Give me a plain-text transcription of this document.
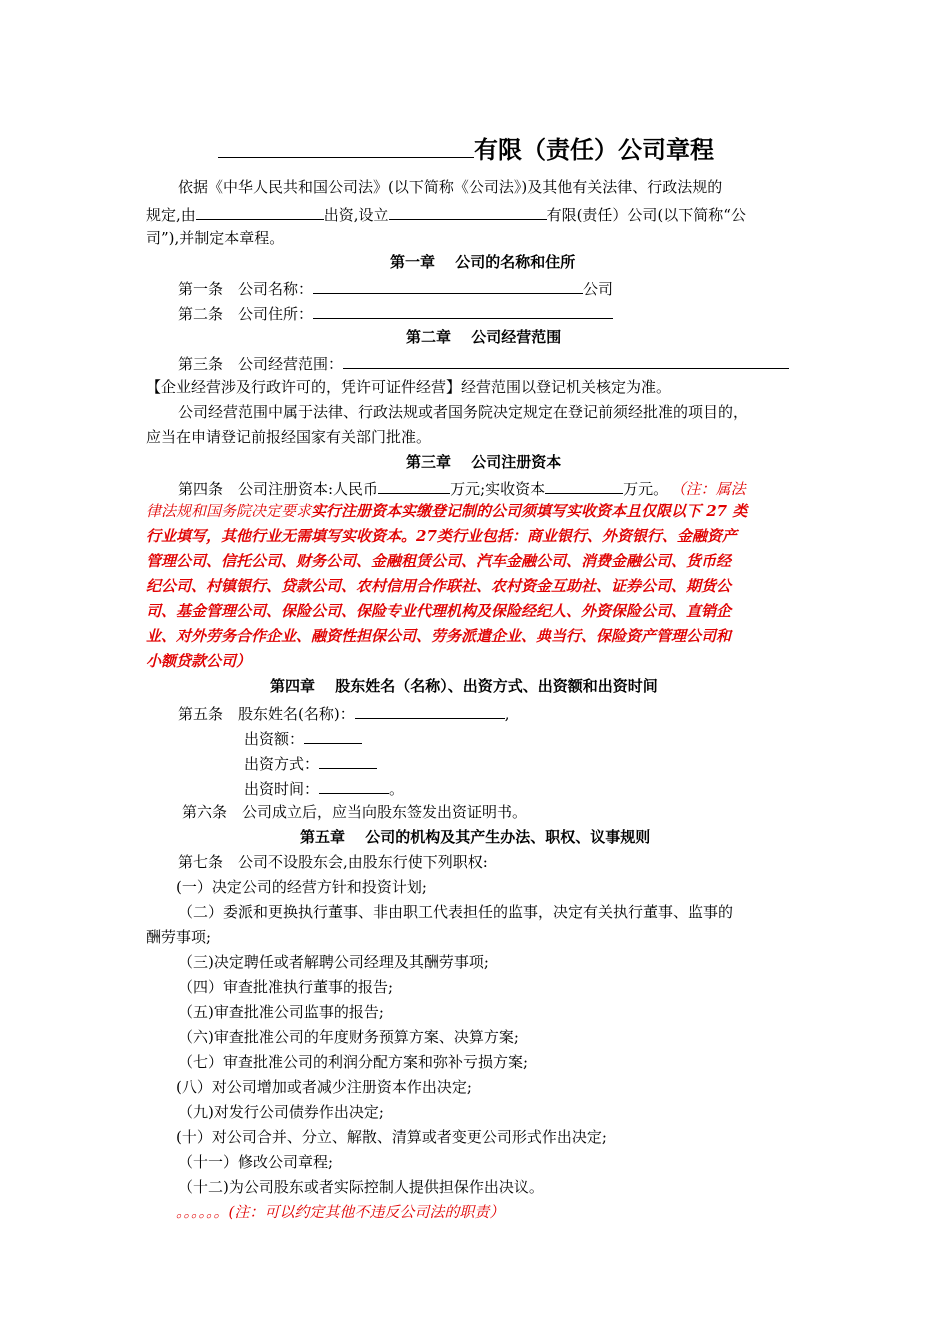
有限（责任）公司章程
依据《中华人民共和国公司法》(以下简称《公司法》)及其他有关法律、行政法规的
规定,由	出资,设立	有限(责任）公司(以下简称“公
司”),并制定本章程。
第一章　 公司的名称和住所
第一条　公司名称：	公司
第二条　公司住所：
第二章　 公司经营范围
第三条　公司经营范围：
【企业经营涉及行政许可的，凭许可证件经营】经营范围以登记机关核定为准。
公司经营范围中属于法律、行政法规或者国务院决定规定在登记前须经批准的项目的，
应当在申请登记前报经国家有关部门批准。
第三章　 公司注册资本
第四条　公司注册资本:人民币	万元;实收资本	万元。 （注：属法
律法规和国务院决定要求实行注册资本实缴登记制的公司须填写实收资本且仅限以下 27 类
行业填写，其他行业无需填写实收资本。27类行业包括：商业银行、外资银行、金融资产
管理公司、信托公司、财务公司、金融租赁公司、汽车金融公司、消费金融公司、货币经
纪公司、村镇银行、贷款公司、农村信用合作联社、农村资金互助社、证券公司、期货公
司、基金管理公司、保险公司、保险专业代理机构及保险经纪人、外资保险公司、直销企
业、对外劳务合作企业、融资性担保公司、劳务派遣企业、典当行、保险资产管理公司和
小额贷款公司）
第四章　 股东姓名（名称）、出资方式、出资额和出资时间
第五条　股东姓名(名称)：	,
出资额：
出资方式：
出资时间：	。
第六条　公司成立后，应当向股东签发出资证明书。
第五章　 公司的机构及其产生办法、职权、议事规则
第七条　公司不设股东会,由股东行使下列职权:
(一）决定公司的经营方针和投资计划;
（二）委派和更换执行董事、非由职工代表担任的监事，决定有关执行董事、监事的
酬劳事项;
（三)决定聘任或者解聘公司经理及其酬劳事项;
（四）审查批准执行董事的报告;
（五)审查批准公司监事的报告;
（六)审查批准公司的年度财务预算方案、决算方案;
（七）审查批准公司的利润分配方案和弥补亏损方案;
(八）对公司增加或者减少注册资本作出决定;
（九)对发行公司债券作出决定;
(十）对公司合并、分立、解散、清算或者变更公司形式作出决定;
（十一）修改公司章程;
（十二)为公司股东或者实际控制人提供担保作出决议。
。。。。。。(注：可以约定其他不违反公司法的职责）
